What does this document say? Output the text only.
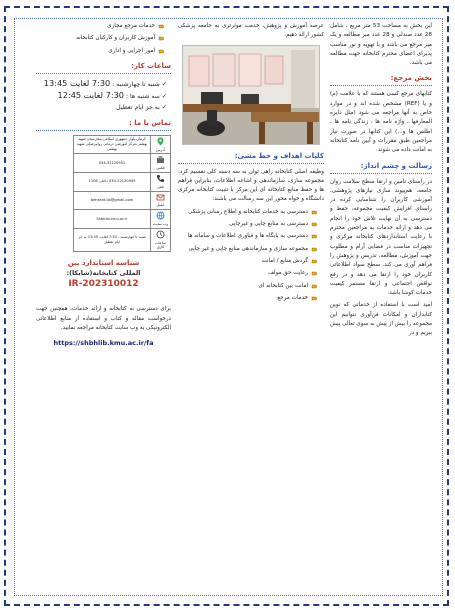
این بخش به مساحت 53 متر مربع ، شامل 28 عدد صندلی و 28 عدد میز مطالعه و یک میز مرجع می باشد و با تهویه و نور مناسب پذیرای اعضای محترم کتابخانه جهت مطالعه می باشد.

بخش مرجع:

کتابهای مرجع کسی هستند که با علامت (م) و یا (REF) مشخص شده اند و در موارد خاص به آنها مراجعه می شود (مثل دایره المعارفها ، واژه نامه ها ، زندگی نامه ها ، اطلس ها و...) این کتابها در صورت نیاز مراجعین طبق مقررات و آیین نامه کتابخانه به امانت داده می شوند.

رسالت و چشم انداز:

در راستای تامین و ارتقا سطح سلامت روان جامعه، هم‌پیوند سازی نیازهای پژوهشی، آموزشی کاربران را شناسایی کرده در راستای افزایش کیفیت مجموعه، حفظ و دسترسی به آن نهایت تلاش خود را انجام می دهد و ارائه خدمات به مراجعین محترم با رعایت استانداردهای کتابخانه مرکزی و تجهیزات مناسب در فضایی آرام و مطلوب جهت آموزش، مطالعه، تدریس و پژوهش را فراهم آوری می کند. سطح سواد اطلاعاتی کاربران خود را ارتقا می دهد و در رفع نواقص اجتماعی و ارتقا مستمر کیفیت خدمات کوشا باشد.

امید است با استفاده از خدماتی که نوین کتابداران و امکانات فن‌آوری نتوانیم این مجموعه را بیش از پیش به سوی تعالی پیش ببریم و در

عرصه آموزش و پژوهش، خدمت موثرتری به جامعه پزشکی کشور ارائه دهیم.

کلیات اهداف و خط مشی:

وظیفه اصلی کتابخانه راهی توان به سه دسته کلی تقسیم کرد: مجموعه سازی، سازماندهی و اشاعه اطلاعات، بنابراین فراهم ها و حفظ منابع کتابخانه ای این مرکز با تثبیت کتابخانه مرکزی دانشگاه و خواه محور این سه رسالت می باشند:

دسترسی به خدمات کتابخانه و اطلاع رسانی پزشکی
دسترسی به منابع چاپی و غیرچاپی
دسترسی به پایگاه ها و فناوری اطلاعات و سامانه ها
مجموعه سازی و سازماندهی منابع چاپی و غیر چاپی
گردش منابع / امانت
رعایت حق مولف
امانت بین کتابخانه ای
خدمات مرجع
خدمات مرجع مجازی
آموزش کاربران و کارکنان کتابخانه
امور اجرایی و اداری
ساعات کار:
✓ شنبه تا چهارشنبه : 7:30 لغایت 13:45
✓ سه شنبه ها : 7:30 لغایت 12:45
✓ به جز ایام تعطیل
تماس با ما :
آدرس	کرمان،بلوار جمهوری اسلامی،بیمارستان شهید بهشتی،مرکز آموزشی درمانی روانپزشکی شهید بهشتی

فکس	034-32120951

تلفن	034-32120949 داخلی 1106

ایمیل	behesht.lib@gmail.com

وب سایت	Shbhlib.kmu.ac.ir

ساعات کاری	شنبه تا چهارشنبه : 7:30 لغایت 13:45 به جز ایام تعطیل
شناسه استاندارد بین
المللی کتابخانه(شابکا):
IR-202310012

برای دسترسی به کتابخانه و ارائه خدمات، همچنین جهت درخواست مقاله و کتاب و استفاده از منابع اطلاعاتی الکترونیکی به وب سایت کتابخانه مراجعه نمایید.

https://shbhlib.kmu.ac.ir/fa
